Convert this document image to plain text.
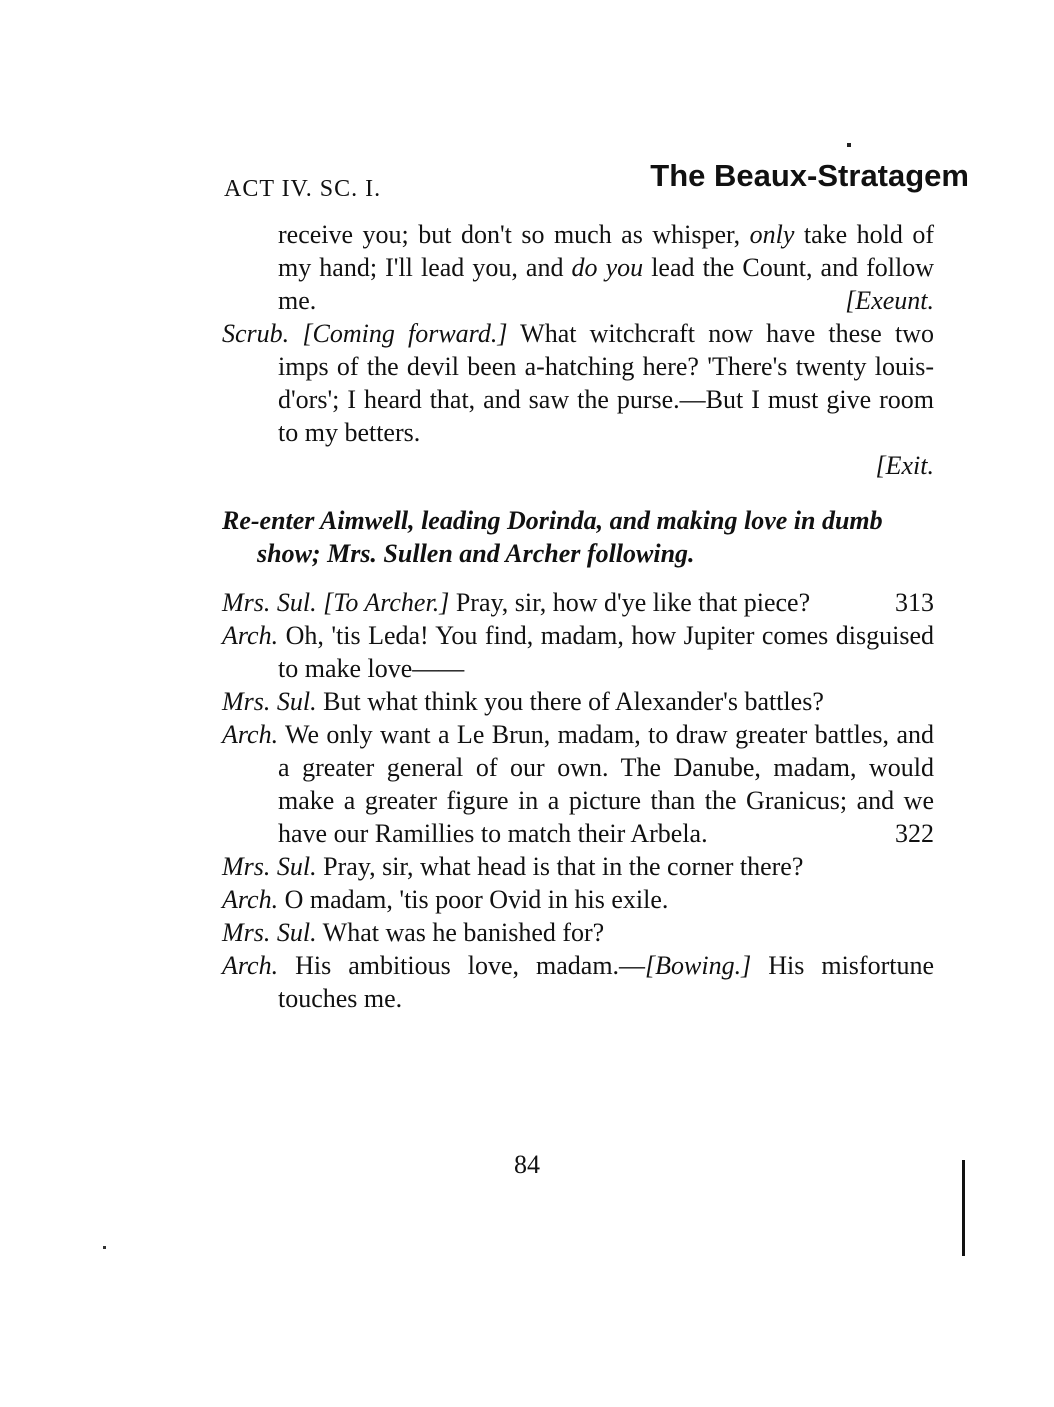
ACT IV. SC. I.	The Beaux-Stratagem
receive you; but don't so much as whisper, only take hold of my hand; I'll lead you, and do you lead the Count, and follow me.	[Exeunt.
Scrub. [Coming forward.] What witchcraft now have these two imps of the devil been a-hatching here? 'There's twenty louis-d'ors'; I heard that, and saw the purse.—But I must give room to my betters.
[Exit.
Re-enter Aimwell, leading Dorinda, and making love in dumb show; Mrs. Sullen and Archer following.
Mrs. Sul. [To Archer.] Pray, sir, how d'ye like that piece?	313
Arch. Oh, 'tis Leda! You find, madam, how Jupiter comes disguised to make love——
Mrs. Sul. But what think you there of Alexander's battles?
Arch. We only want a Le Brun, madam, to draw greater battles, and a greater general of our own. The Danube, madam, would make a greater figure in a picture than the Granicus; and we have our Ramillies to match their Arbela.	322
Mrs. Sul. Pray, sir, what head is that in the corner there?
Arch. O madam, 'tis poor Ovid in his exile.
Mrs. Sul. What was he banished for?
Arch. His ambitious love, madam.—[Bowing.] His misfortune touches me.
84
